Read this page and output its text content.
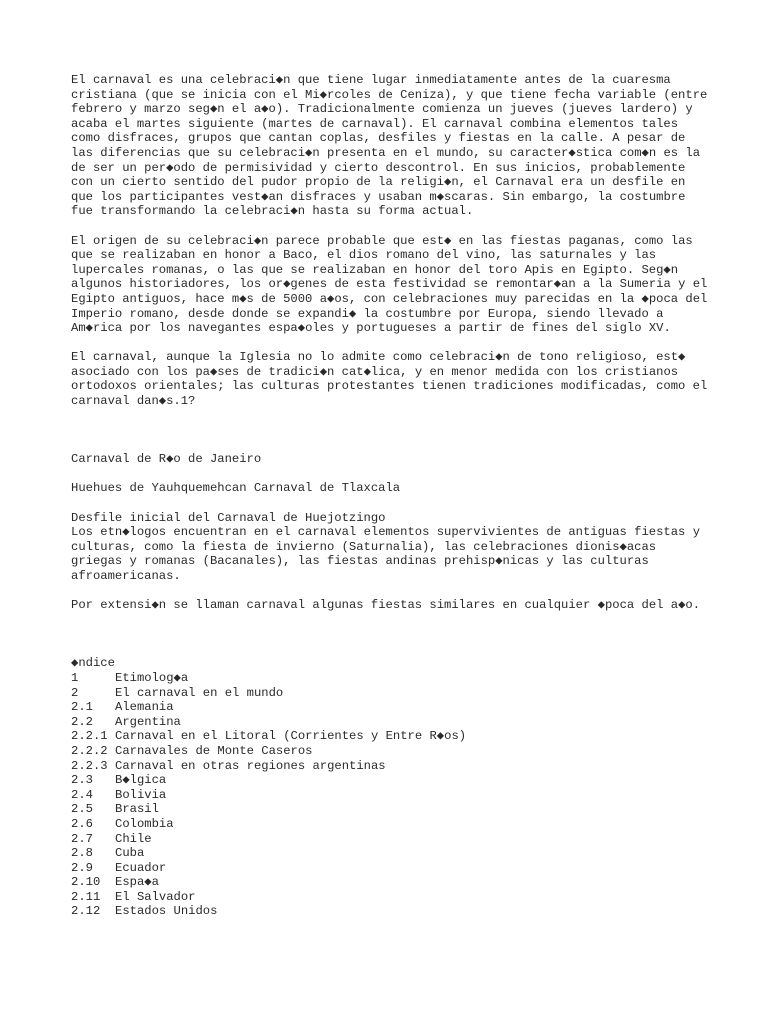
El carnaval es una celebraci◆n que tiene lugar inmediatamente antes de la cuaresma cristiana (que se inicia con el Mi◆rcoles de Ceniza), y que tiene fecha variable (entre febrero y marzo seg◆n el a◆o). Tradicionalmente comienza un jueves (jueves lardero) y acaba el martes siguiente (martes de carnaval). El carnaval combina elementos tales como disfraces, grupos que cantan coplas, desfiles y fiestas en la calle. A pesar de las diferencias que su celebraci◆n presenta en el mundo, su caracter◆stica com◆n es la de ser un per◆odo de permisividad y cierto descontrol. En sus inicios, probablemente con un cierto sentido del pudor propio de la religi◆n, el Carnaval era un desfile en que los participantes vest◆an disfraces y usaban m◆scaras. Sin embargo, la costumbre fue transformando la celebraci◆n hasta su forma actual.

El origen de su celebraci◆n parece probable que est◆ en las fiestas paganas, como las que se realizaban en honor a Baco, el dios romano del vino, las saturnales y las lupercales romanas, o las que se realizaban en honor del toro Apis en Egipto. Seg◆n algunos historiadores, los or◆genes de esta festividad se remontar◆an a la Sumeria y el Egipto antiguos, hace m◆s de 5000 a◆os, con celebraciones muy parecidas en la ◆poca del Imperio romano, desde donde se expandi◆ la costumbre por Europa, siendo llevado a Am◆rica por los navegantes espa◆oles y portugueses a partir de fines del siglo XV.

El carnaval, aunque la Iglesia no lo admite como celebraci◆n de tono religioso, est◆ asociado con los pa◆ses de tradici◆n cat◆lica, y en menor medida con los cristianos ortodoxos orientales; las culturas protestantes tienen tradiciones modificadas, como el carnaval dan◆s.1?

Carnaval de R◆o de Janeiro

Huehues de Yauhquemehcan Carnaval de Tlaxcala

Desfile inicial del Carnaval de Huejotzingo

Los etn◆logos encuentran en el carnaval elementos supervivientes de antiguas fiestas y culturas, como la fiesta de invierno (Saturnalia), las celebraciones dionis◆acas griegas y romanas (Bacanales), las fiestas andinas prehisp◆nicas y las culturas afroamericanas.

Por extensi◆n se llaman carnaval algunas fiestas similares en cualquier ◆poca del a◆o.

◆ndice

1	Etimolog◆a
2	El carnaval en el mundo
2.1	Alemania
2.2	Argentina
2.2.1 Carnaval en el Litoral (Corrientes y Entre R◆os)
2.2.2 Carnavales de Monte Caseros
2.2.3 Carnaval en otras regiones argentinas
2.3	B◆lgica
2.4	Bolivia
2.5	Brasil
2.6	Colombia
2.7	Chile
2.8	Cuba
2.9	Ecuador
2.10	Espa◆a
2.11	El Salvador
2.12	Estados Unidos
